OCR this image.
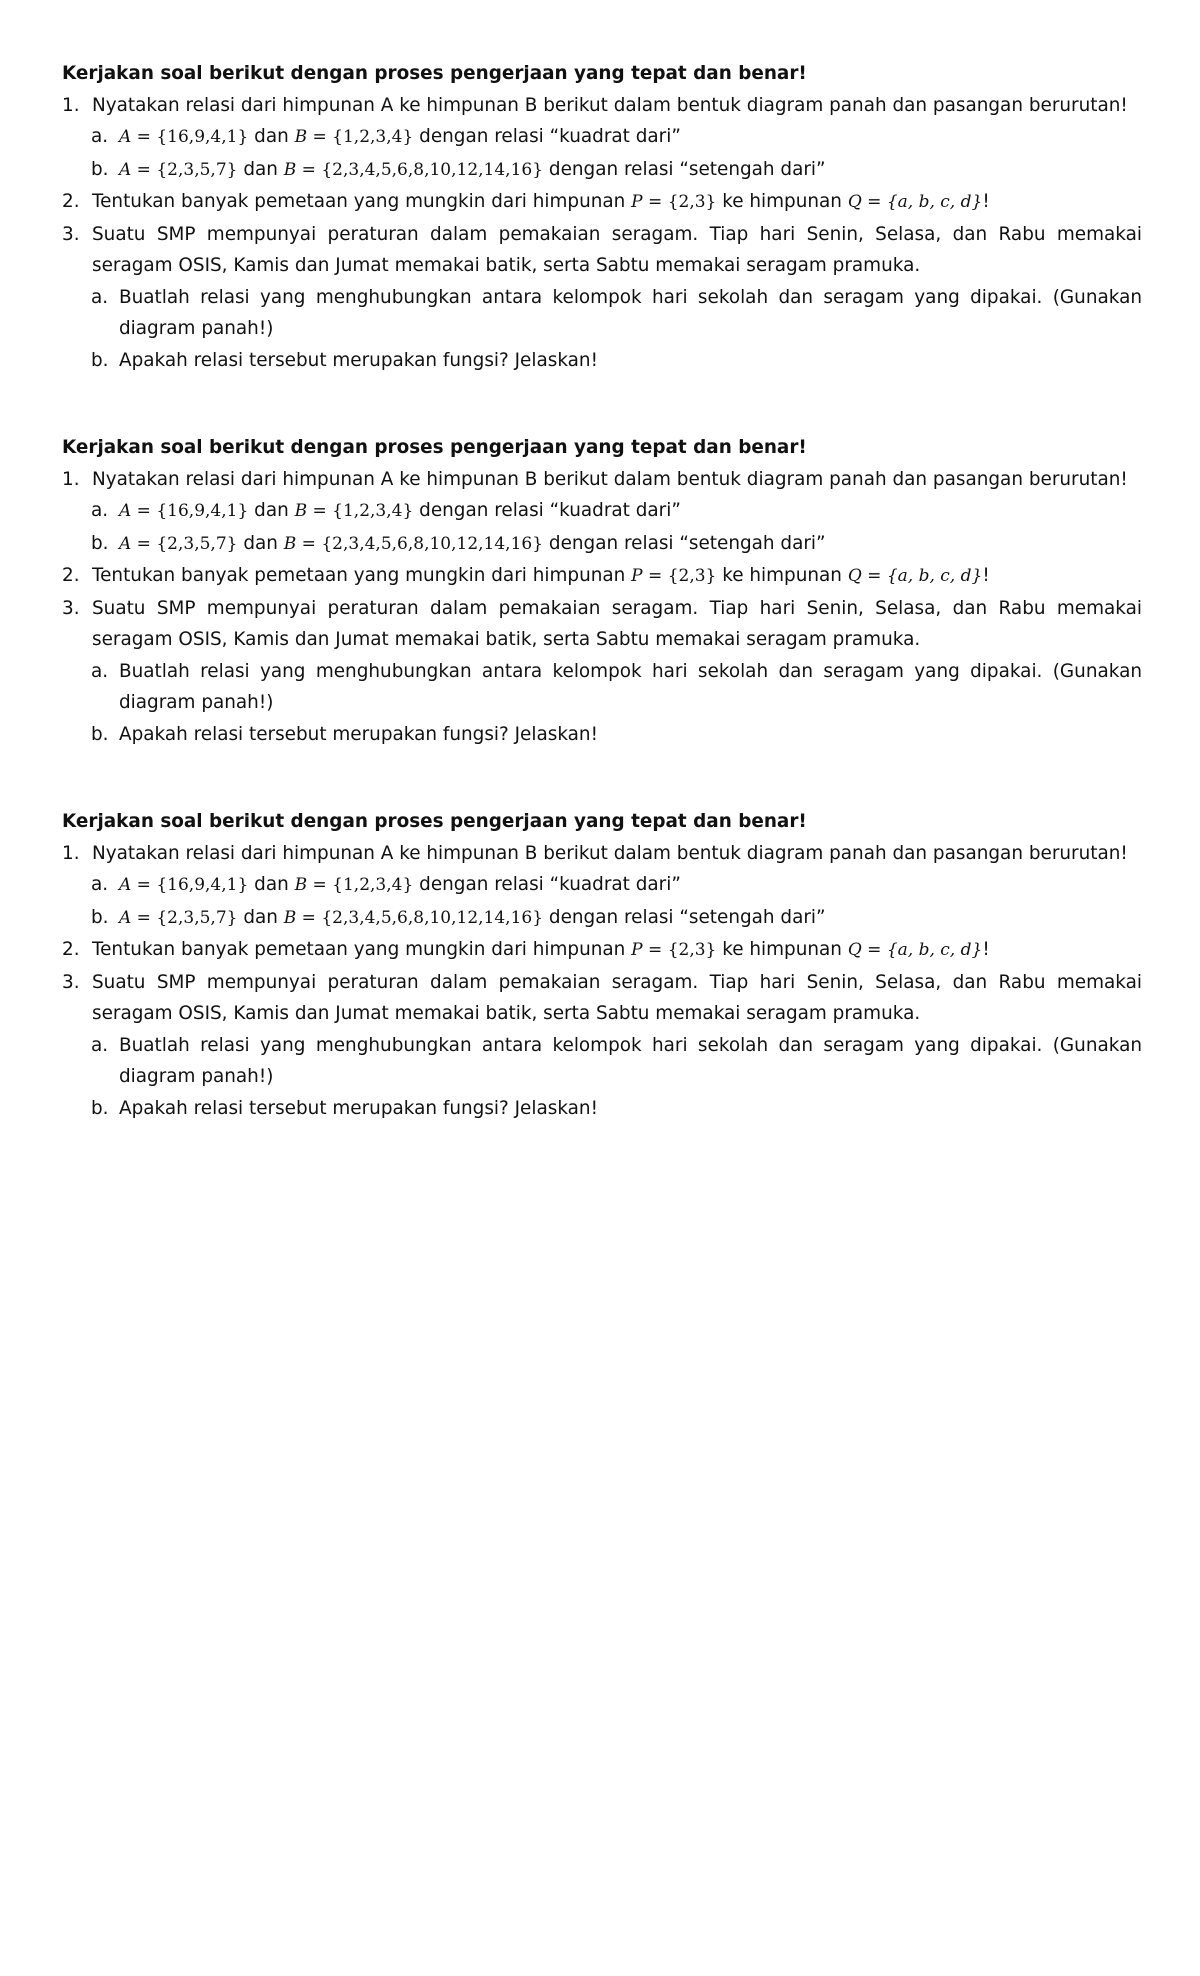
Kerjakan soal berikut dengan proses pengerjaan yang tepat dan benar!
1. Nyatakan relasi dari himpunan A ke himpunan B berikut dalam bentuk diagram panah dan pasangan berurutan!
a. A = {16,9,4,1} dan B = {1,2,3,4} dengan relasi “kuadrat dari”
b. A = {2,3,5,7} dan B = {2,3,4,5,6,8,10,12,14,16} dengan relasi “setengah dari”
2. Tentukan banyak pemetaan yang mungkin dari himpunan P = {2,3} ke himpunan Q = {a, b, c, d}!
3. Suatu SMP mempunyai peraturan dalam pemakaian seragam. Tiap hari Senin, Selasa, dan Rabu memakai seragam OSIS, Kamis dan Jumat memakai batik, serta Sabtu memakai seragam pramuka.
a. Buatlah relasi yang menghubungkan antara kelompok hari sekolah dan seragam yang dipakai. (Gunakan diagram panah!)
b. Apakah relasi tersebut merupakan fungsi? Jelaskan!
Kerjakan soal berikut dengan proses pengerjaan yang tepat dan benar!
1. Nyatakan relasi dari himpunan A ke himpunan B berikut dalam bentuk diagram panah dan pasangan berurutan!
a. A = {16,9,4,1} dan B = {1,2,3,4} dengan relasi “kuadrat dari”
b. A = {2,3,5,7} dan B = {2,3,4,5,6,8,10,12,14,16} dengan relasi “setengah dari”
2. Tentukan banyak pemetaan yang mungkin dari himpunan P = {2,3} ke himpunan Q = {a, b, c, d}!
3. Suatu SMP mempunyai peraturan dalam pemakaian seragam. Tiap hari Senin, Selasa, dan Rabu memakai seragam OSIS, Kamis dan Jumat memakai batik, serta Sabtu memakai seragam pramuka.
a. Buatlah relasi yang menghubungkan antara kelompok hari sekolah dan seragam yang dipakai. (Gunakan diagram panah!)
b. Apakah relasi tersebut merupakan fungsi? Jelaskan!
Kerjakan soal berikut dengan proses pengerjaan yang tepat dan benar!
1. Nyatakan relasi dari himpunan A ke himpunan B berikut dalam bentuk diagram panah dan pasangan berurutan!
a. A = {16,9,4,1} dan B = {1,2,3,4} dengan relasi “kuadrat dari”
b. A = {2,3,5,7} dan B = {2,3,4,5,6,8,10,12,14,16} dengan relasi “setengah dari”
2. Tentukan banyak pemetaan yang mungkin dari himpunan P = {2,3} ke himpunan Q = {a, b, c, d}!
3. Suatu SMP mempunyai peraturan dalam pemakaian seragam. Tiap hari Senin, Selasa, dan Rabu memakai seragam OSIS, Kamis dan Jumat memakai batik, serta Sabtu memakai seragam pramuka.
a. Buatlah relasi yang menghubungkan antara kelompok hari sekolah dan seragam yang dipakai. (Gunakan diagram panah!)
b. Apakah relasi tersebut merupakan fungsi? Jelaskan!
